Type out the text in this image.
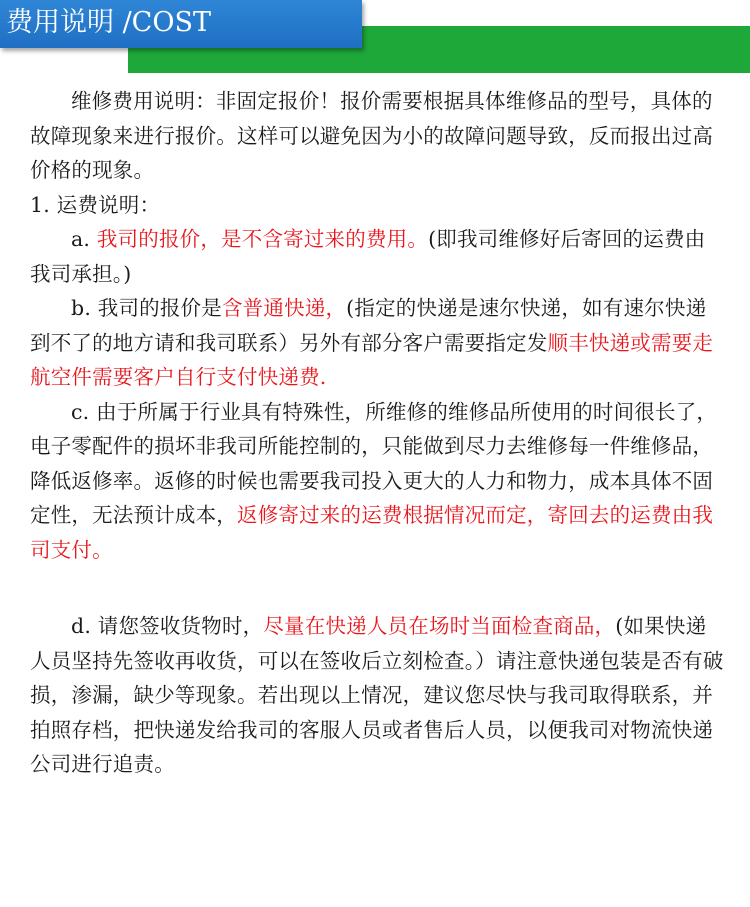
费用说明 /COST

维修费用说明：非固定报价！报价需要根据具体维修品的型号，具体的故障现象来进行报价。这样可以避免因为小的故障问题导致，反而报出过高价格的现象。

1. 运费说明：

a. 我司的报价，是不含寄过来的费用。(即我司维修好后寄回的运费由我司承担。)

b. 我司的报价是含普通快递，(指定的快递是速尔快递，如有速尔快递到不了的地方请和我司联系）另外有部分客户需要指定发顺丰快递或需要走航空件需要客户自行支付快递费.

c. 由于所属于行业具有特殊性，所维修的维修品所使用的时间很长了，电子零配件的损坏非我司所能控制的，只能做到尽力去维修每一件维修品，降低返修率。返修的时候也需要我司投入更大的人力和物力，成本具体不固定性，无法预计成本，返修寄过来的运费根据情况而定，寄回去的运费由我司支付。

d. 请您签收货物时，尽量在快递人员在场时当面检查商品，(如果快递人员坚持先签收再收货，可以在签收后立刻检查。）请注意快递包装是否有破损，渗漏，缺少等现象。若出现以上情况，建议您尽快与我司取得联系，并拍照存档，把快递发给我司的客服人员或者售后人员，以便我司对物流快递公司进行追责。
